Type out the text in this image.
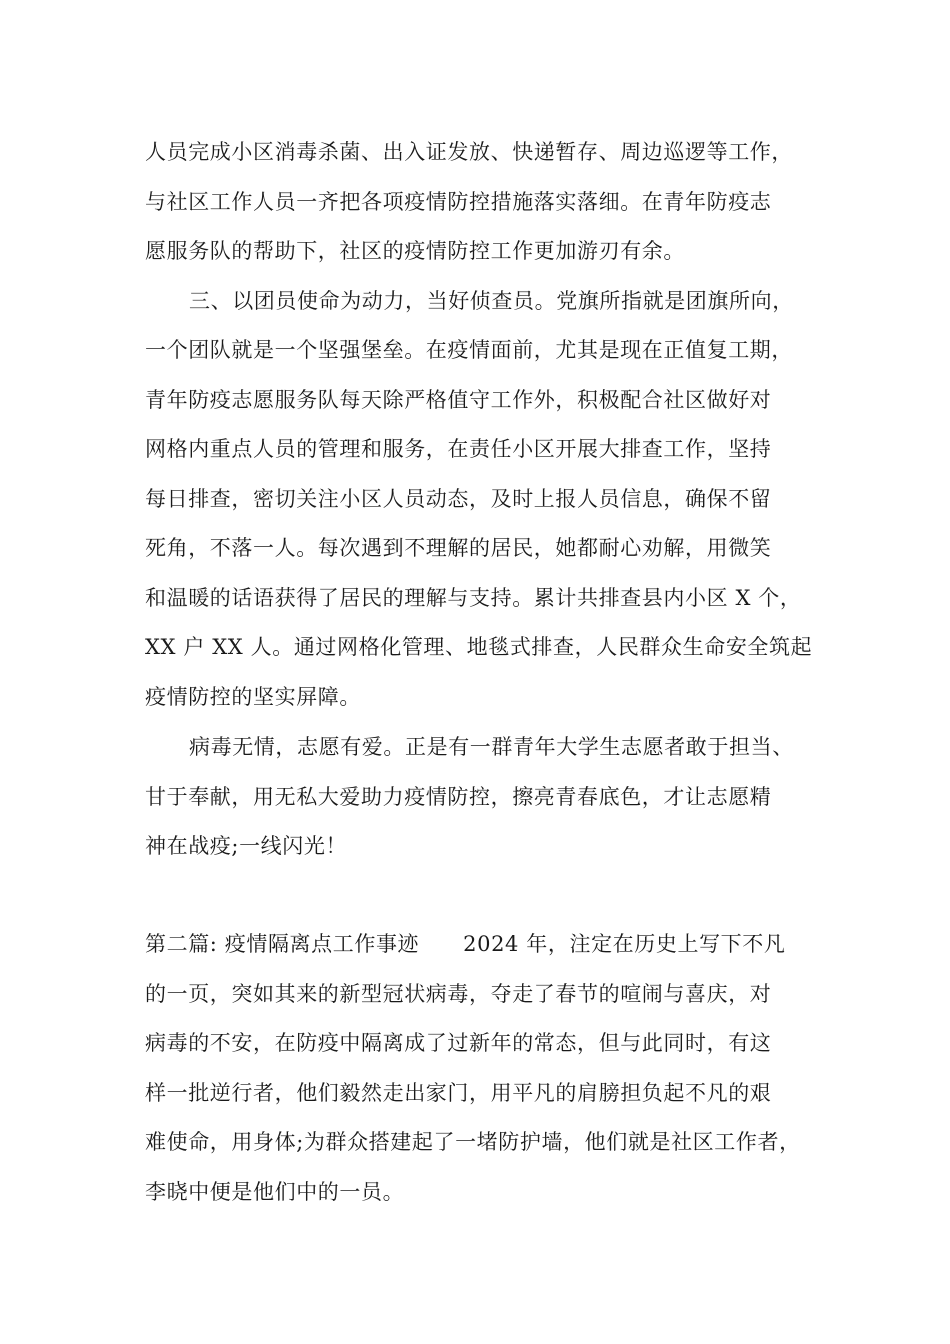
人员完成小区消毒杀菌、出入证发放、快递暂存、周边巡逻等工作，
与社区工作人员一齐把各项疫情防控措施落实落细。在青年防疫志
愿服务队的帮助下，社区的疫情防控工作更加游刃有余。
三、以团员使命为动力，当好侦查员。党旗所指就是团旗所向，
一个团队就是一个坚强堡垒。在疫情面前，尤其是现在正值复工期，
青年防疫志愿服务队每天除严格值守工作外，积极配合社区做好对
网格内重点人员的管理和服务，在责任小区开展大排查工作，坚持
每日排查，密切关注小区人员动态，及时上报人员信息，确保不留
死角，不落一人。每次遇到不理解的居民，她都耐心劝解，用微笑
和温暖的话语获得了居民的理解与支持。累计共排查县内小区 X 个，
XX 户 XX 人。通过网格化管理、地毯式排查，人民群众生命安全筑起
疫情防控的坚实屏障。
病毒无情，志愿有爱。正是有一群青年大学生志愿者敢于担当、
甘于奉献，用无私大爱助力疫情防控，擦亮青春底色，才让志愿精
神在战疫;一线闪光！
第二篇: 疫情隔离点工作事迹 2024 年，注定在历史上写下不凡
的一页，突如其来的新型冠状病毒，夺走了春节的喧闹与喜庆，对
病毒的不安，在防疫中隔离成了过新年的常态，但与此同时，有这
样一批逆行者，他们毅然走出家门，用平凡的肩膀担负起不凡的艰
难使命，用身体;为群众搭建起了一堵防护墙，他们就是社区工作者，
李晓中便是他们中的一员。
